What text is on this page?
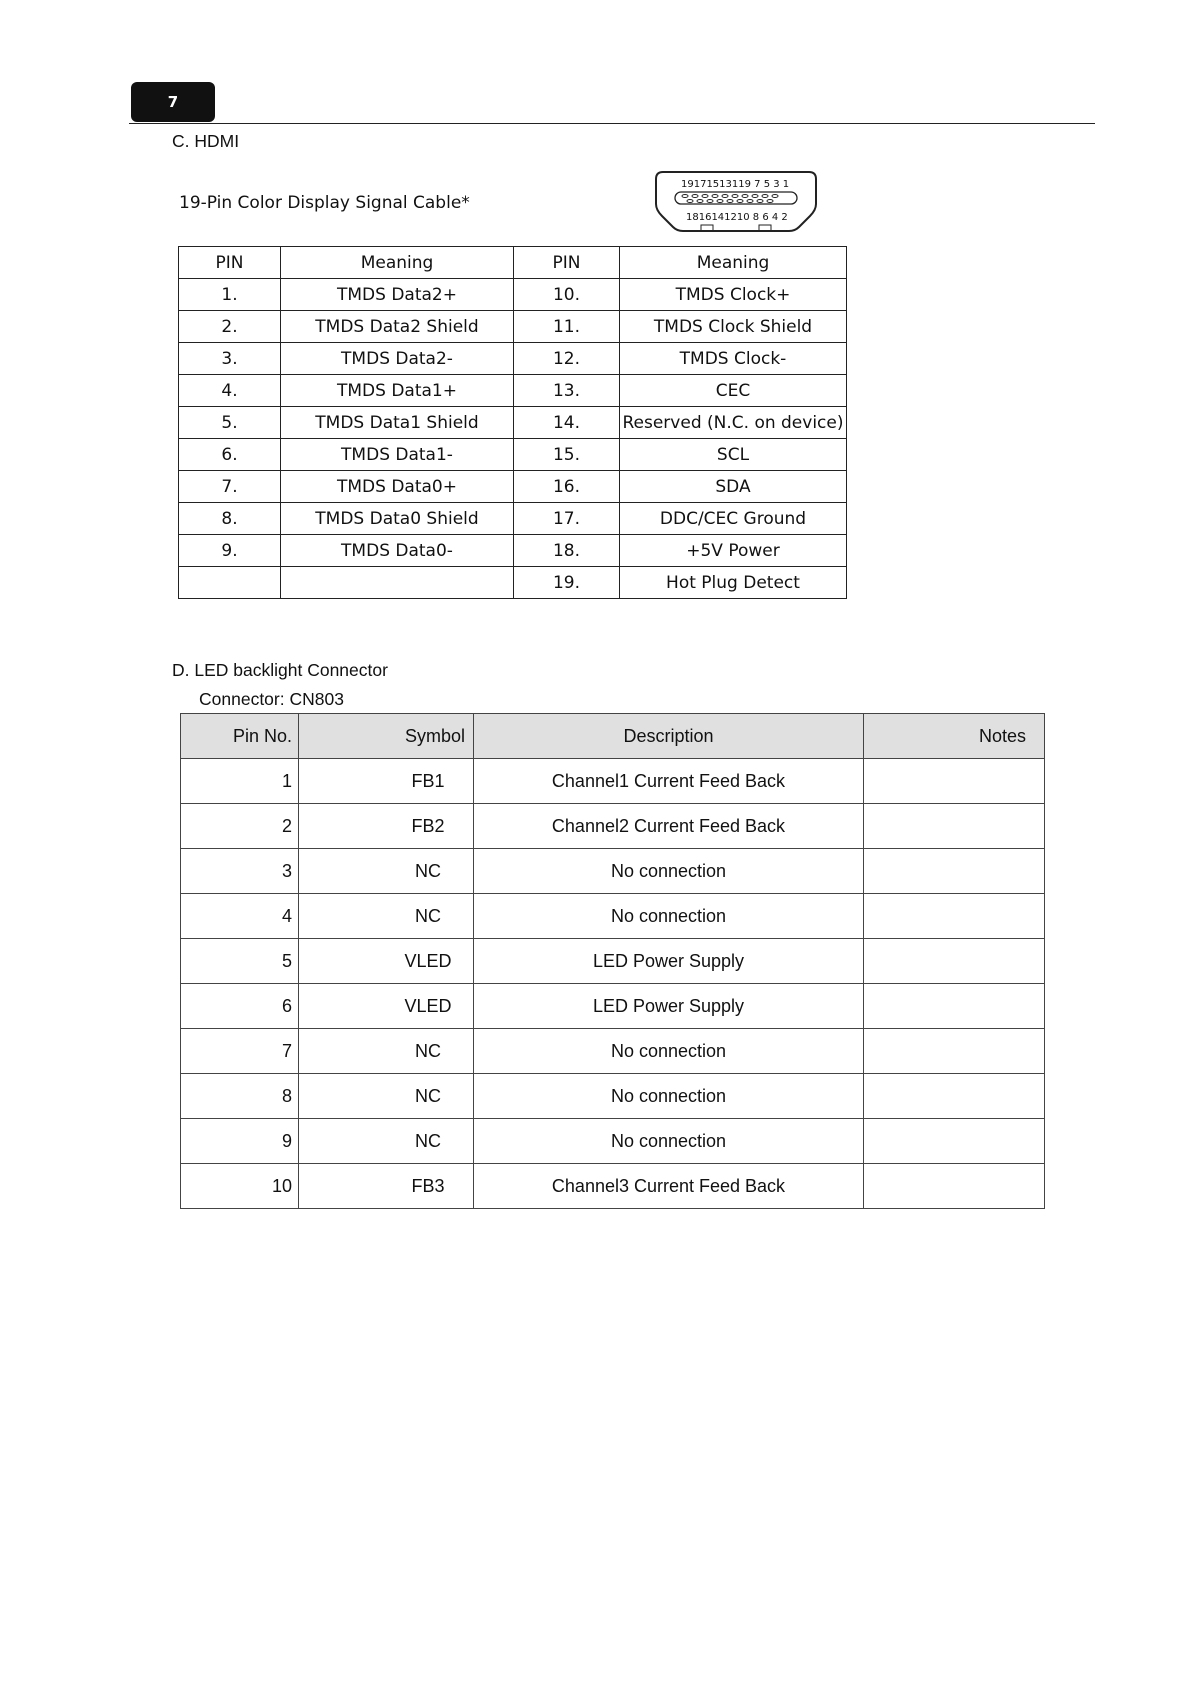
7
C. HDMI
19-Pin Color Display Signal Cable*
19171513119 7 5 3 1
1816141210 8 6 4 2
PIN	Meaning	PIN	Meaning
1.	TMDS Data2+	10.	TMDS Clock+
2.	TMDS Data2 Shield	11.	TMDS Clock Shield
3.	TMDS Data2-	12.	TMDS Clock-
4.	TMDS Data1+	13.	CEC
5.	TMDS Data1 Shield	14.	Reserved (N.C. on device)
6.	TMDS Data1-	15.	SCL
7.	TMDS Data0+	16.	SDA
8.	TMDS Data0 Shield	17.	DDC/CEC Ground
9.	TMDS Data0-	18.	+5V Power
		19.	Hot Plug Detect
D. LED backlight Connector
Connector: CN803
Pin No.	Symbol	Description	Notes
1	FB1	Channel1 Current Feed Back	
2	FB2	Channel2 Current Feed Back	
3	NC	No connection	
4	NC	No connection	
5	VLED	LED Power Supply	
6	VLED	LED Power Supply	
7	NC	No connection	
8	NC	No connection	
9	NC	No connection	
10	FB3	Channel3 Current Feed Back	
